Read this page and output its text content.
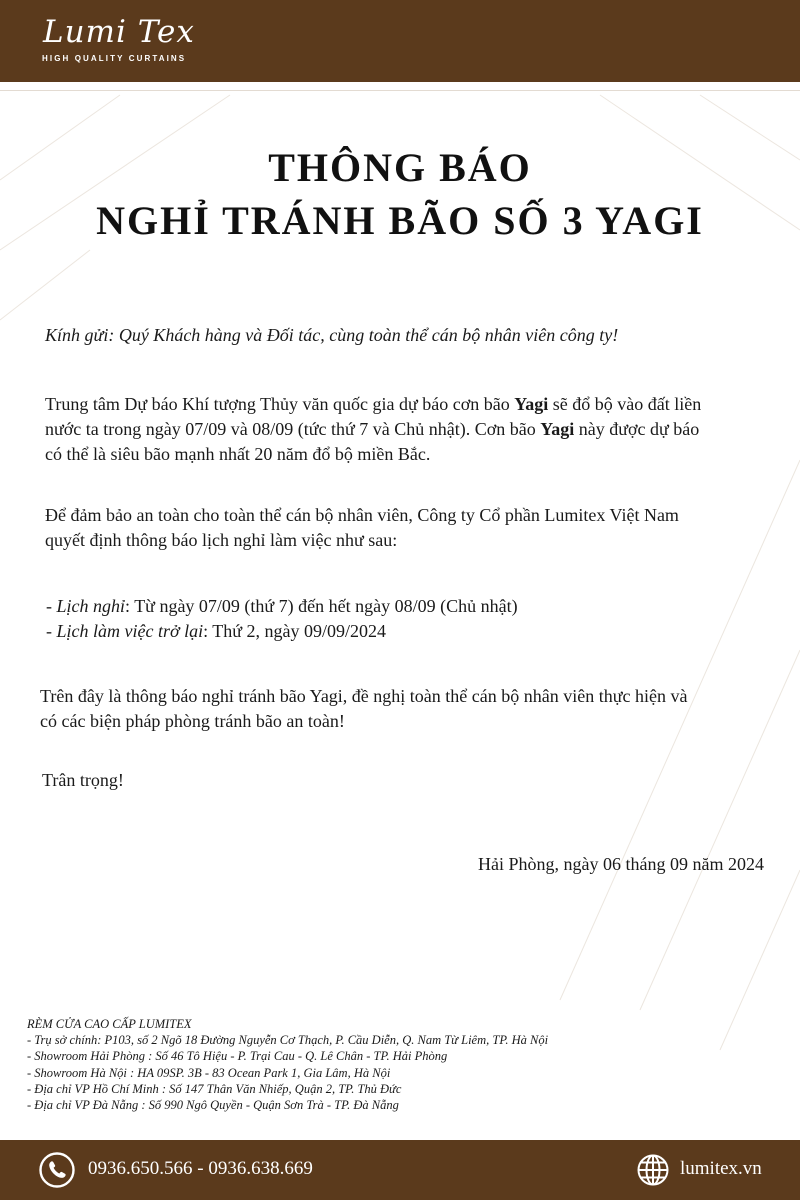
Lumi Tex
HIGH QUALITY CURTAINS
THÔNG BÁO
NGHỈ TRÁNH BÃO SỐ 3 YAGI

Kính gửi: Quý Khách hàng và Đối tác, cùng toàn thể cán bộ nhân viên công ty!

Trung tâm Dự báo Khí tượng Thủy văn quốc gia dự báo cơn bão Yagi sẽ đổ bộ vào đất liền
nước ta trong ngày 07/09 và 08/09 (tức thứ 7 và Chủ nhật). Cơn bão Yagi này được dự báo
có thể là siêu bão mạnh nhất 20 năm đổ bộ miền Bắc.
Để đảm bảo an toàn cho toàn thể cán bộ nhân viên, Công ty Cổ phần Lumitex Việt Nam
quyết định thông báo lịch nghỉ làm việc như sau:
- Lịch nghỉ: Từ ngày 07/09 (thứ 7) đến hết ngày 08/09 (Chủ nhật)
- Lịch làm việc trở lại: Thứ 2, ngày 09/09/2024
Trên đây là thông báo nghỉ tránh bão Yagi, đề nghị toàn thể cán bộ nhân viên thực hiện và
có các biện pháp phòng tránh bão an toàn!

Trân trọng!

Hải Phòng, ngày 06 tháng 09 năm 2024

RÈM CỬA CAO CẤP LUMITEX
- Trụ sở chính: P103, số 2 Ngõ 18 Đường Nguyễn Cơ Thạch, P. Cầu Diễn, Q. Nam Từ Liêm, TP. Hà Nội
- Showroom Hải Phòng : Số 46 Tô Hiệu - P. Trại Cau - Q. Lê Chân - TP. Hải Phòng
- Showroom Hà Nội : HA 09SP. 3B - 83 Ocean Park 1, Gia Lâm, Hà Nội
- Địa chỉ VP Hồ Chí Minh : Số 147 Thân Văn Nhiếp, Quận 2, TP. Thủ Đức
- Địa chỉ VP Đà Nẵng : Số 990 Ngô Quyền - Quận Sơn Trà - TP. Đà Nẵng
0936.650.566 - 0936.638.669	lumitex.vn
